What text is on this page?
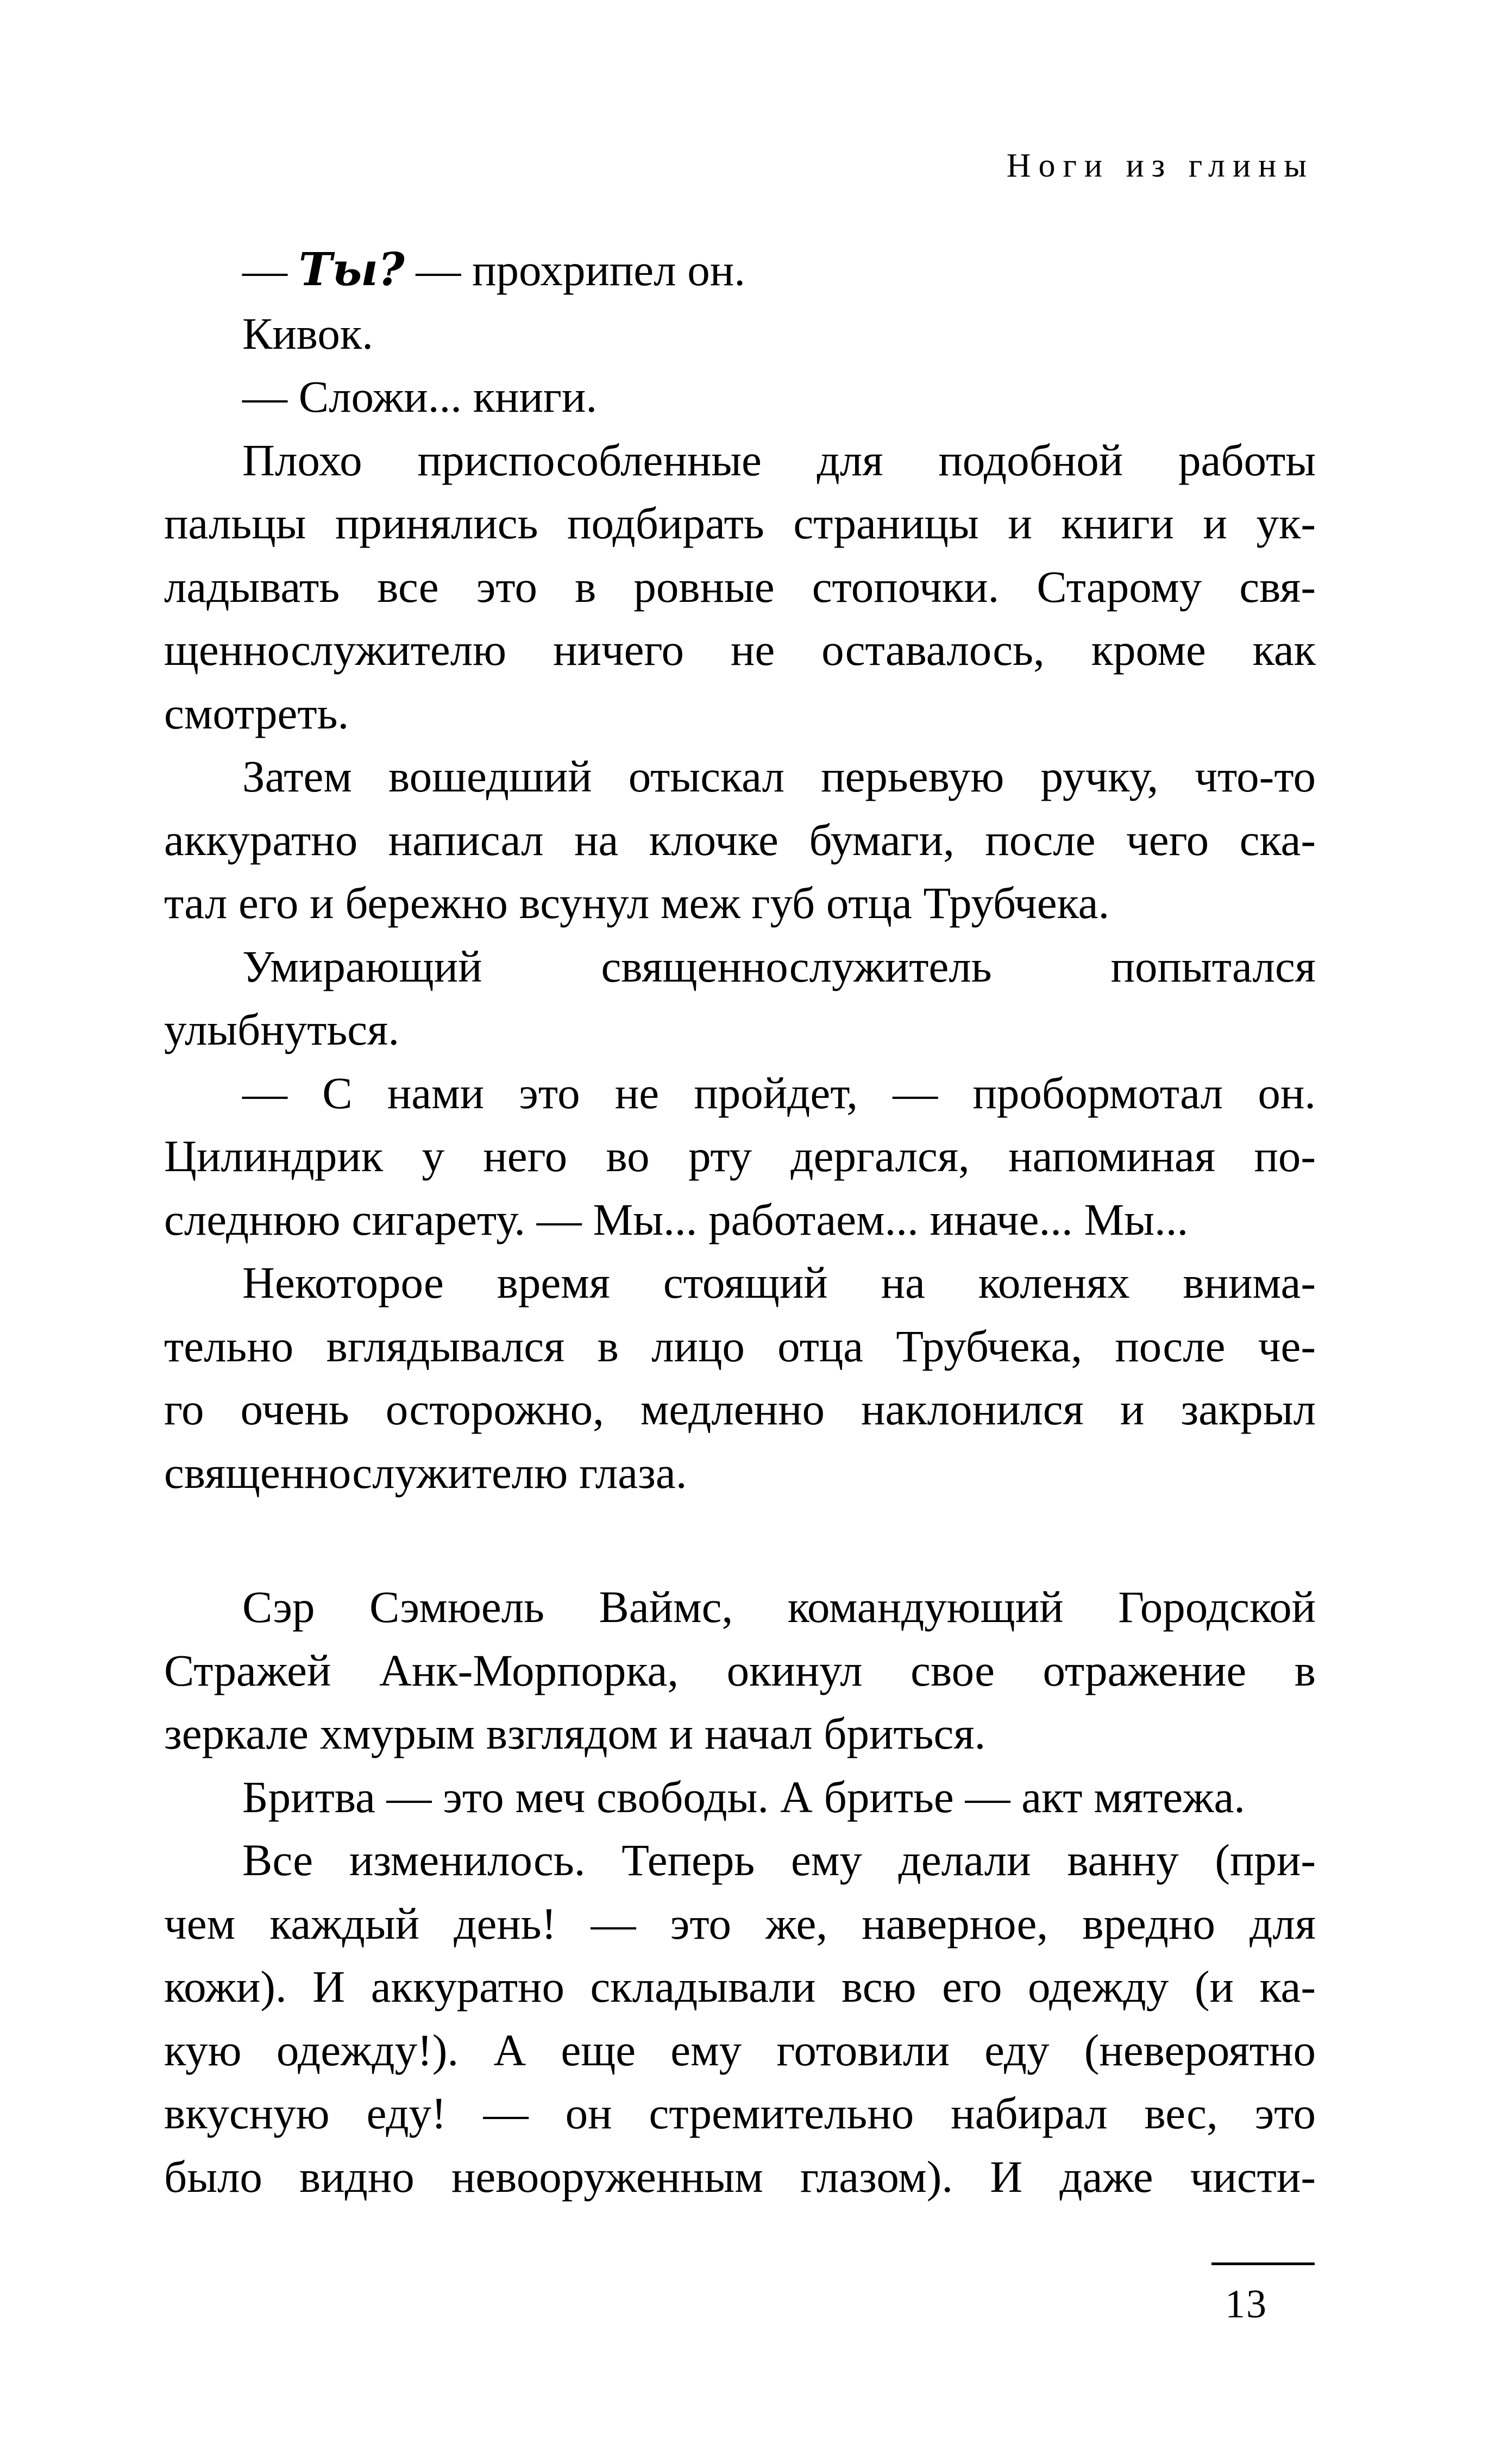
Ноги из глины
— Ты? — прохрипел он.
Кивок.
— Сложи... книги.
Плохо приспособленные для подобной работы
пальцы принялись подбирать страницы и книги и ук-
ладывать все это в ровные стопочки. Старому свя-
щеннослужителю ничего не оставалось, кроме как
смотреть.
Затем вошедший отыскал перьевую ручку, что-то
аккуратно написал на клочке бумаги, после чего ска-
тал его и бережно всунул меж губ отца Трубчека.
Умирающий священнослужитель попытался
улыбнуться.
— С нами это не пройдет, — пробормотал он.
Цилиндрик у него во рту дергался, напоминая по-
следнюю сигарету. — Мы... работаем... иначе... Мы...
Некоторое время стоящий на коленях внима-
тельно вглядывался в лицо отца Трубчека, после че-
го очень осторожно, медленно наклонился и закрыл
священнослужителю глаза.
Сэр Сэмюель Ваймс, командующий Городской
Стражей Анк-Морпорка, окинул свое отражение в
зеркале хмурым взглядом и начал бриться.
Бритва — это меч свободы. А бритье — акт мятежа.
Все изменилось. Теперь ему делали ванну (при-
чем каждый день! — это же, наверное, вредно для
кожи). И аккуратно складывали всю его одежду (и ка-
кую одежду!). А еще ему готовили еду (невероятно
вкусную еду! — он стремительно набирал вес, это
было видно невооруженным глазом). И даже чисти-
13
